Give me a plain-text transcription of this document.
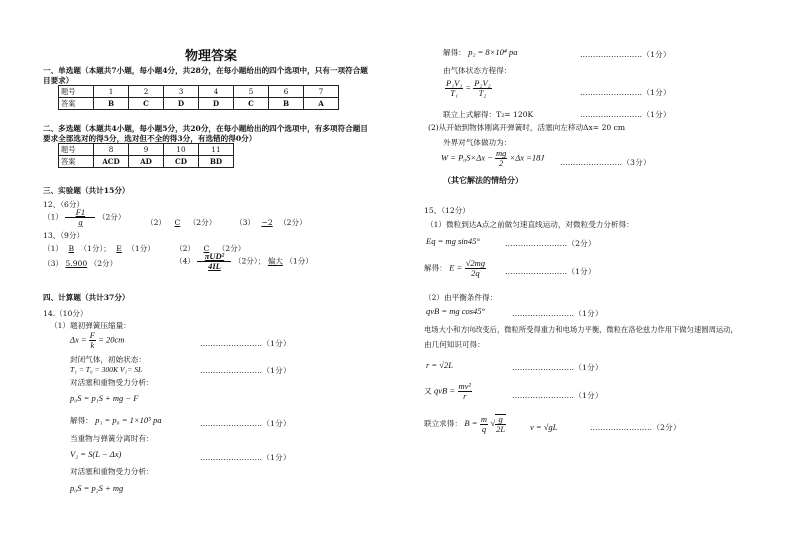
物理答案
一、单选题（本题共7小题，每小题4分，共28分，在每小题给出的四个选项中，只有一项符合题
目要求）
题号	1	2	3	4	5	6	7
答案	B	C	D	D	C	B	A
二、多选题（本题共4小题，每小题5分，共20分，在每小题给出的四个选项中，有多项符合题目
要求全部选对的得5分，选对但不全的得3分，有选错的得0分）
题号	8	9	10	11
答案	ACD	AD	CD	BD
三、实验题（共计15分）
12、（6分）
$(1) \frac{F1}{g} (2$分）
（2） C （2分） （3） −2 （2分）
13、（9分）
（1） B （1分）； E （1分）	（2） C （2分）
（3） 5.900 （2分）	$(4) \frac{\text{πUD²}}{4IL} (2$分）； 偏大 （1分）
四、计算题（共计37分）
14.（10分）
（1）题初弹簧压缩量：
$\Delta x = \frac{F}{k} = 20cm$	……………………（1分）
封闭气体，初始状态：
T₁ = T₀ = 300K V₁= SL	……………………（1分）
对活塞和重物受力分析：
p₀S = p₁S + mg − F
解得： p₁ = p₀ = 1×10⁵ pa	……………………（1分）
当重物与弹簧分离时有：
V₂ = S(L − Δx)	……………………（1分）
对活塞和重物受力分析：
p₀S = p₂S + mg
解得： p₂ = 8×10⁴ pa	……………………（1分）
由气体状态方程得：
$\frac{\text{P₁V₁}}{\text{T₁}} = \frac{\text{P₂V₂}}{\text{T₂}}$	……………………（1分）
联立上式解得：T₂= 120K	……………………（1分）
(2)从开始到物体刚离开弹簧时，活塞向左移动Δx= 20 cm
外界对气体做功为：
$W = P_0S\times\Delta x - \frac{mg}{2} \times\Delta x =18J$
……………………（3分）
（其它解法的情给分）
15、（12分）
（1）微粒到达A点之前做匀速直线运动，对微粒受力分析得：
Eq = mg sin45°	……………………（2分）
解得： $E = \frac{√2mg}{2q}$	……………………（1分）
（2）由平衡条件得：
qvB = mg cos45°	……………………（1分）
电场大小和方向改变后，微粒所受得重力和电场力平衡，微粒在洛伦兹力作用下做匀速圆周运动，
由几何知识可得：
r = √2L	……………………（1分）
又 qvB = $\frac{\text{mv²}}{r}$	……………………（1分）
联立求得： $B = \frac{m}{q}$ √ $\frac{g}{2L}$	v = √gL	……………………（2分）
